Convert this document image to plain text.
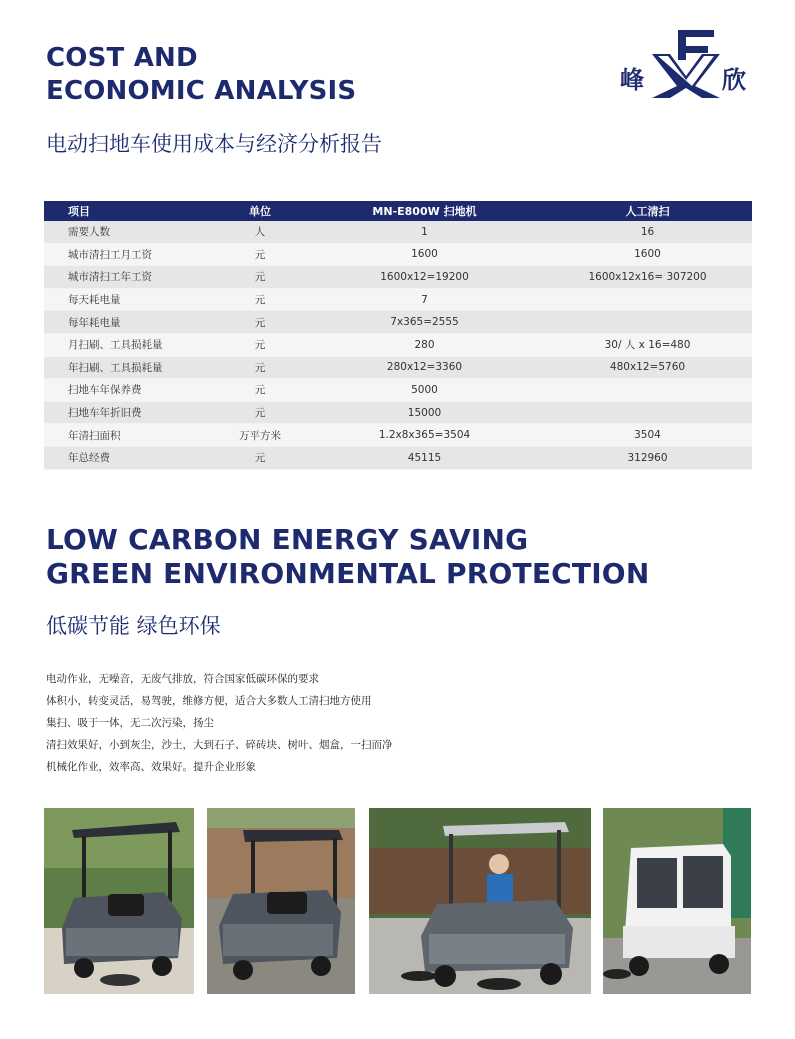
COST AND
ECONOMIC ANALYSIS
电动扫地车使用成本与经济分析报告
峰	欣
项目	单位	MN-E800W 扫地机	人工清扫
需要人数	人	1	16
城市清扫工月工资	元	1600	1600
城市清扫工年工资	元	1600x12=19200	1600x12x16= 307200
每天耗电量	元	7	
每年耗电量	元	7x365=2555	
月扫刷、工具损耗量	元	280	30/ 人 x 16=480
年扫刷、工具损耗量	元	280x12=3360	480x12=5760
扫地车年保养费	元	5000	
扫地车年折旧费	元	15000	
年清扫面积	万平方米	1.2x8x365=3504	3504
年总经费	元	45115	312960
LOW CARBON ENERGY SAVING
GREEN ENVIRONMENTAL PROTECTION
低碳节能 绿色环保
电动作业，无噪音，无废气排放，符合国家低碳环保的要求
体积小，转变灵活，易驾驶，维修方便，适合大多数人工清扫地方使用
集扫、吸于一体，无二次污染，扬尘
清扫效果好，小到灰尘，沙土，大到石子、碎砖块、树叶、烟盒，一扫而净
机械化作业，效率高、效果好。提升企业形象
